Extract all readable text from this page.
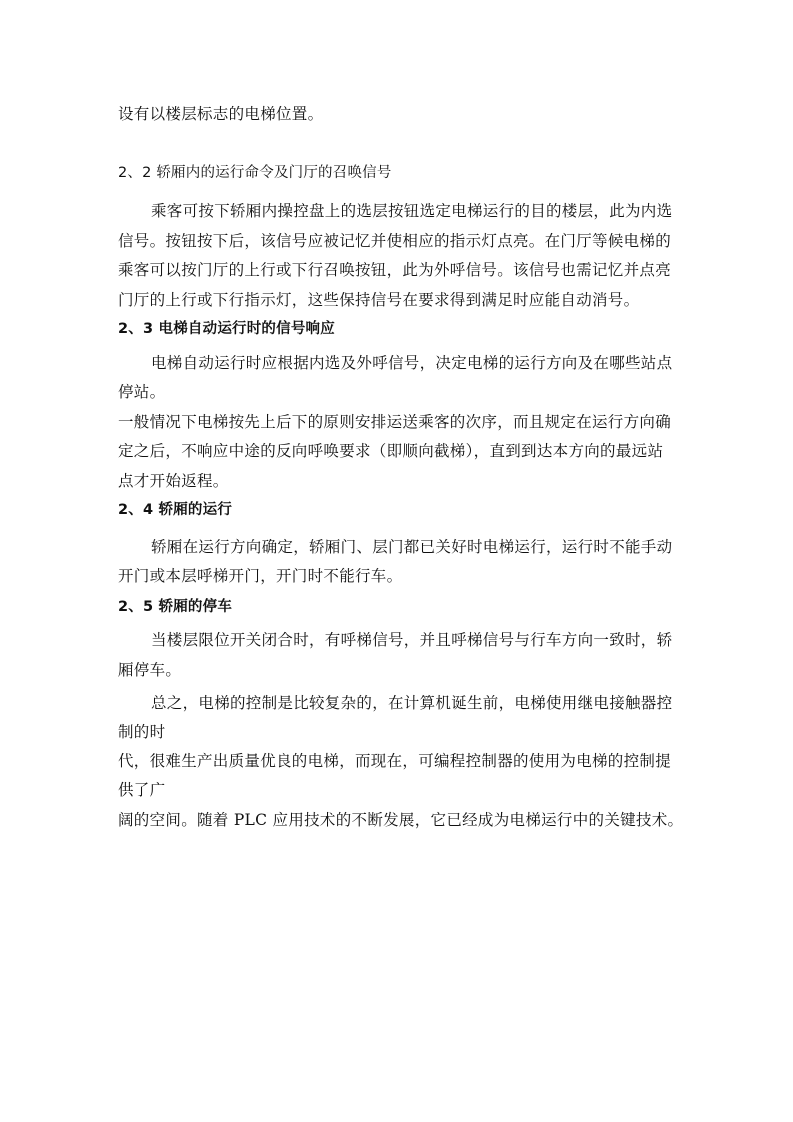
设有以楼层标志的电梯位置。

2、2 轿厢内的运行命令及门厅的召唤信号

乘客可按下轿厢内操控盘上的选层按钮选定电梯运行的目的楼层，此为内选

信号。按钮按下后，该信号应被记忆并使相应的指示灯点亮。在门厅等候电梯的

乘客可以按门厅的上行或下行召唤按钮，此为外呼信号。该信号也需记忆并点亮

门厅的上行或下行指示灯，这些保持信号在要求得到满足时应能自动消号。

2、3 电梯自动运行时的信号响应

电梯自动运行时应根据内选及外呼信号，决定电梯的运行方向及在哪些站点

停站。

一般情况下电梯按先上后下的原则安排运送乘客的次序，而且规定在运行方向确

定之后，不响应中途的反向呼唤要求（即顺向截梯），直到到达本方向的最远站

点才开始返程。

2、4 轿厢的运行

轿厢在运行方向确定，轿厢门、层门都已关好时电梯运行，运行时不能手动

开门或本层呼梯开门，开门时不能行车。

2、5 轿厢的停车

当楼层限位开关闭合时，有呼梯信号，并且呼梯信号与行车方向一致时，轿

厢停车。

总之，电梯的控制是比较复杂的，在计算机诞生前，电梯使用继电接触器控

制的时

代，很难生产出质量优良的电梯，而现在，可编程控制器的使用为电梯的控制提

供了广

阔的空间。随着 PLC 应用技术的不断发展，它已经成为电梯运行中的关键技术。
